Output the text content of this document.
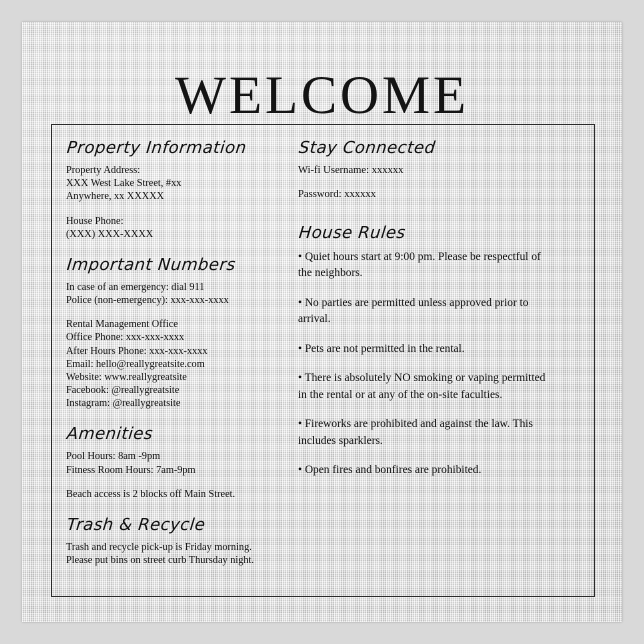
WELCOME
Property Information
Property Address:
XXX West Lake Street, #xx
Anywhere, xx XXXXX
House Phone:
(XXX) XXX-XXXX
Important Numbers
In case of an emergency: dial 911
Police (non-emergency): xxx-xxx-xxxx
Rental Management Office
Office Phone: xxx-xxx-xxxx
After Hours Phone: xxx-xxx-xxxx
Email: hello@reallygreatsite.com
Website: www.reallygreatsite
Facebook: @reallygreatsite
Instagram: @reallygreatsite
Amenities
Pool Hours: 8am -9pm
Fitness Room Hours: 7am-9pm
Beach access is 2 blocks off Main Street.
Trash & Recycle
Trash and recycle pick-up is Friday morning. Please put bins on street curb Thursday night.
Stay Connected
Wi-fi Username: xxxxxx
Password: xxxxxx
House Rules
• Quiet hours start at 9:00 pm. Please be respectful of the neighbors.
• No parties are permitted unless approved prior to arrival.
• Pets are not permitted in the rental.
• There is absolutely NO smoking or vaping permitted in the rental or at any of the on-site faculties.
• Fireworks are prohibited and against the law. This includes sparklers.
• Open fires and bonfires are prohibited.
